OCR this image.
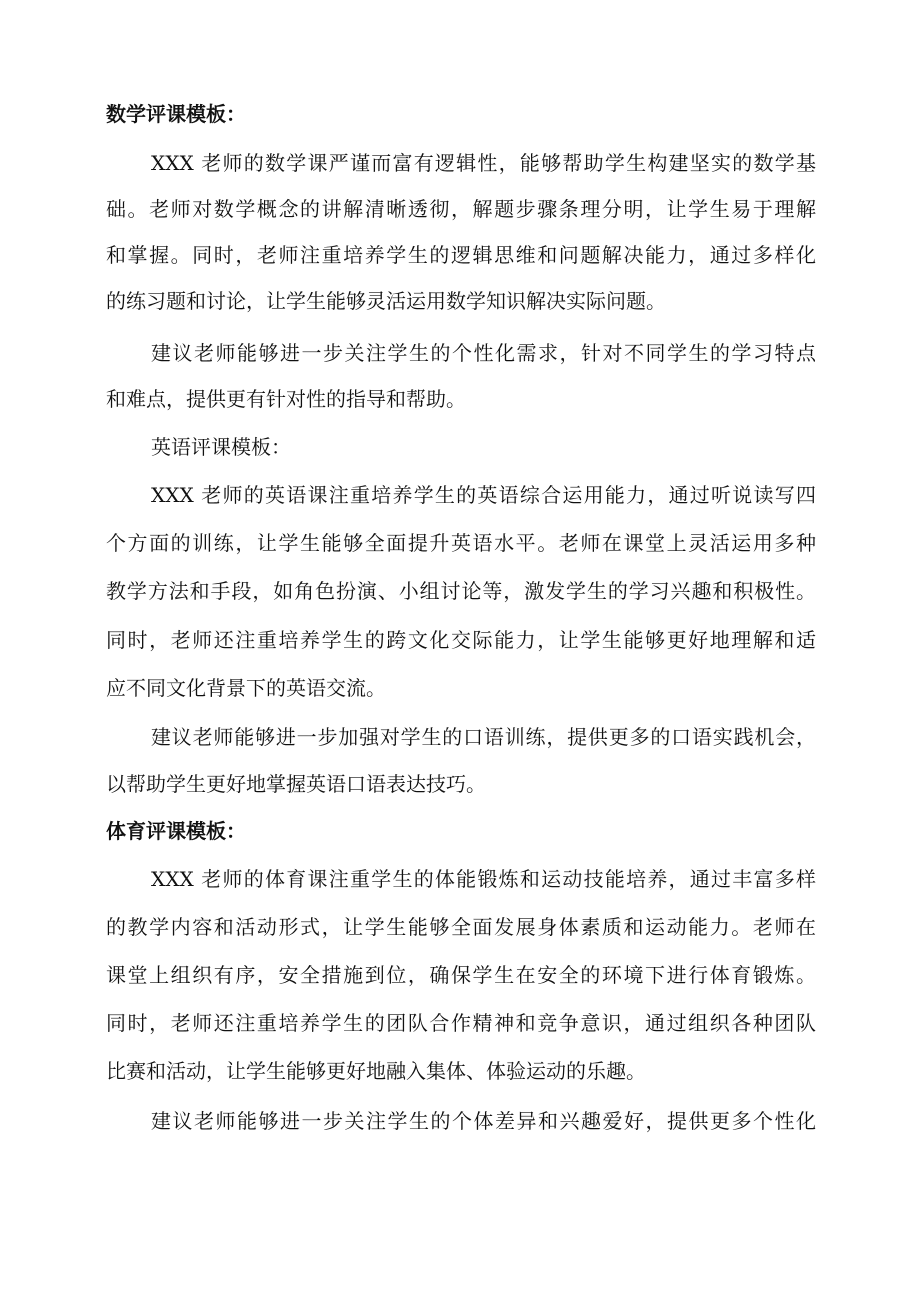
数学评课模板：

XXX 老师的数学课严谨而富有逻辑性，能够帮助学生构建坚实的数学基

础。老师对数学概念的讲解清晰透彻，解题步骤条理分明，让学生易于理解

和掌握。同时，老师注重培养学生的逻辑思维和问题解决能力，通过多样化

的练习题和讨论，让学生能够灵活运用数学知识解决实际问题。

建议老师能够进一步关注学生的个性化需求，针对不同学生的学习特点

和难点，提供更有针对性的指导和帮助。

英语评课模板：

XXX 老师的英语课注重培养学生的英语综合运用能力，通过听说读写四

个方面的训练，让学生能够全面提升英语水平。老师在课堂上灵活运用多种

教学方法和手段，如角色扮演、小组讨论等，激发学生的学习兴趣和积极性。

同时，老师还注重培养学生的跨文化交际能力，让学生能够更好地理解和适

应不同文化背景下的英语交流。

建议老师能够进一步加强对学生的口语训练，提供更多的口语实践机会，

以帮助学生更好地掌握英语口语表达技巧。

体育评课模板：

XXX 老师的体育课注重学生的体能锻炼和运动技能培养，通过丰富多样

的教学内容和活动形式，让学生能够全面发展身体素质和运动能力。老师在

课堂上组织有序，安全措施到位，确保学生在安全的环境下进行体育锻炼。

同时，老师还注重培养学生的团队合作精神和竞争意识，通过组织各种团队

比赛和活动，让学生能够更好地融入集体、体验运动的乐趣。

建议老师能够进一步关注学生的个体差异和兴趣爱好，提供更多个性化
